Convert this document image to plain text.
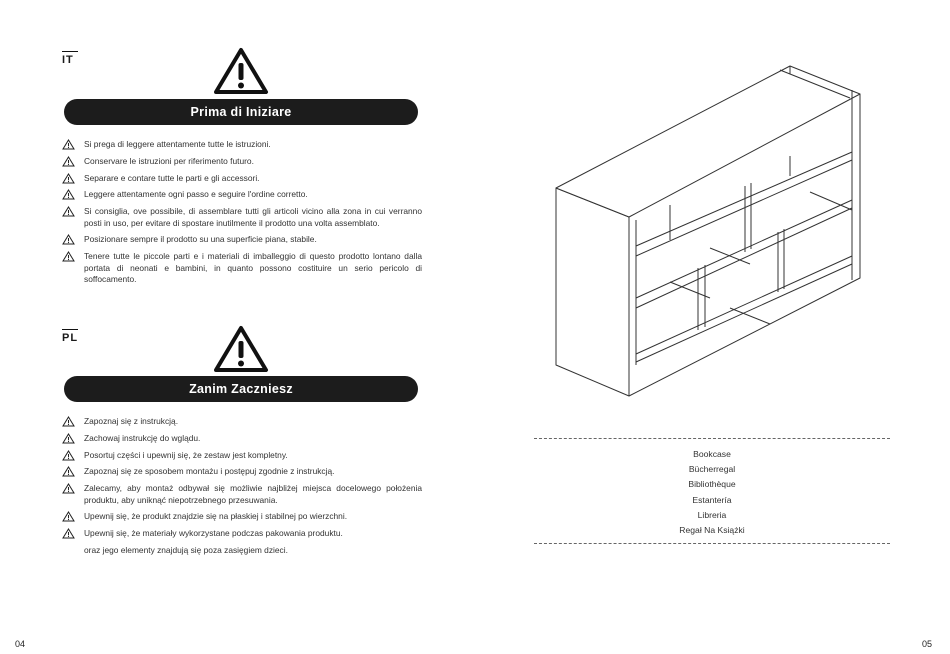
IT
Prima di Iniziare
Si prega di leggere attentamente tutte le istruzioni.
Conservare le istruzioni per riferimento futuro.
Separare e contare tutte le parti e gli accessori.
Leggere attentamente ogni passo e seguire l'ordine corretto.
Si consiglia, ove possibile, di assemblare tutti gli articoli vicino alla zona in cui verranno posti in uso, per evitare di spostare inutilmente il prodotto una volta assemblato.
Posizionare sempre il prodotto su una superficie piana, stabile.
Tenere tutte le piccole parti e i materiali di imballeggio di questo prodotto lontano dalla portata di neonati e bambini, in quanto possono costituire un serio pericolo di soffocamento.
PL
Zanim Zaczniesz
Zapoznaj się z instrukcją.
Zachowaj instrukcję do wglądu.
Posortuj części i upewnij się, że zestaw jest kompletny.
Zapoznaj się ze sposobem montażu i postępuj zgodnie z instrukcją.
Zalecamy, aby montaż odbywał się możliwie najbliżej miejsca docelowego położenia produktu, aby uniknąć niepotrzebnego przesuwania.
Upewnij się, że produkt znajdzie się na płaskiej i stabilnej po wierzchni.
Upewnij się, że materiały wykorzystane podczas pakowania produktu.
oraz jego elementy znajdują się poza zasięgiem dzieci.
04
Bookcase
Bücherregal
Bibliothèque
Estantería
Libreria
Regał Na Książki
05
